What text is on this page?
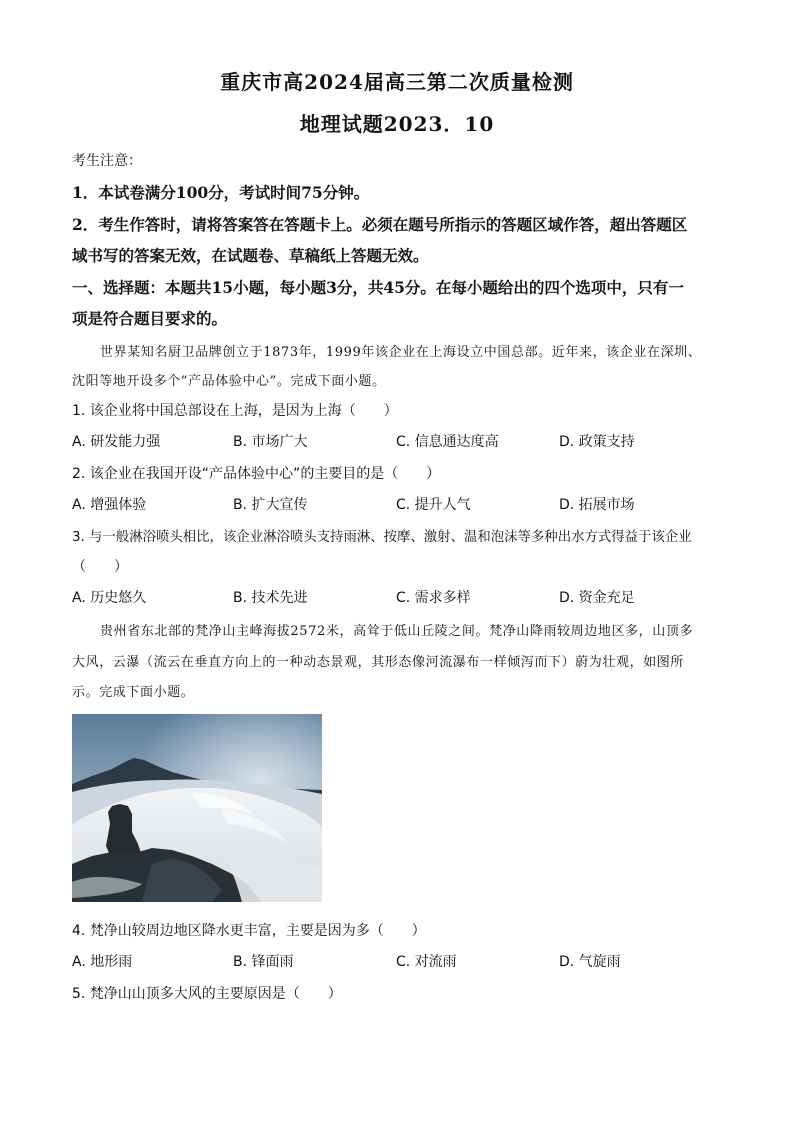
重庆市高2024届高三第二次质量检测
地理试题2023．10
考生注意：
1．本试卷满分100分，考试时间75分钟。
2．考生作答时，请将答案答在答题卡上。必须在题号所指示的答题区域作答，超出答题区
域书写的答案无效，在试题卷、草稿纸上答题无效。
一、选择题：本题共15小题，每小题3分，共45分。在每小题给出的四个选项中，只有一
项是符合题目要求的。
世界某知名厨卫品牌创立于1873年，1999年该企业在上海设立中国总部。近年来，该企业在深圳、
沈阳等地开设多个“产品体验中心”。完成下面小题。
1. 该企业将中国总部设在上海，是因为上海（　　）
A. 研发能力强	B. 市场广大	C. 信息通达度高	D. 政策支持
2. 该企业在我国开设“产品体验中心”的主要目的是（　　）
A. 增强体验	B. 扩大宣传	C. 提升人气	D. 拓展市场
3. 与一般淋浴喷头相比，该企业淋浴喷头支持雨淋、按摩、激射、温和泡沫等多种出水方式得益于该企业
（　　）
A. 历史悠久	B. 技术先进	C. 需求多样	D. 资金充足
贵州省东北部的梵净山主峰海拔2572米，高耸于低山丘陵之间。梵净山降雨较周边地区多，山顶多
大风，云瀑（流云在垂直方向上的一种动态景观，其形态像河流瀑布一样倾泻而下）蔚为壮观，如图所
示。完成下面小题。
4. 梵净山较周边地区降水更丰富，主要是因为多（　　）
A. 地形雨	B. 锋面雨	C. 对流雨	D. 气旋雨
5. 梵净山山顶多大风的主要原因是（　　）
